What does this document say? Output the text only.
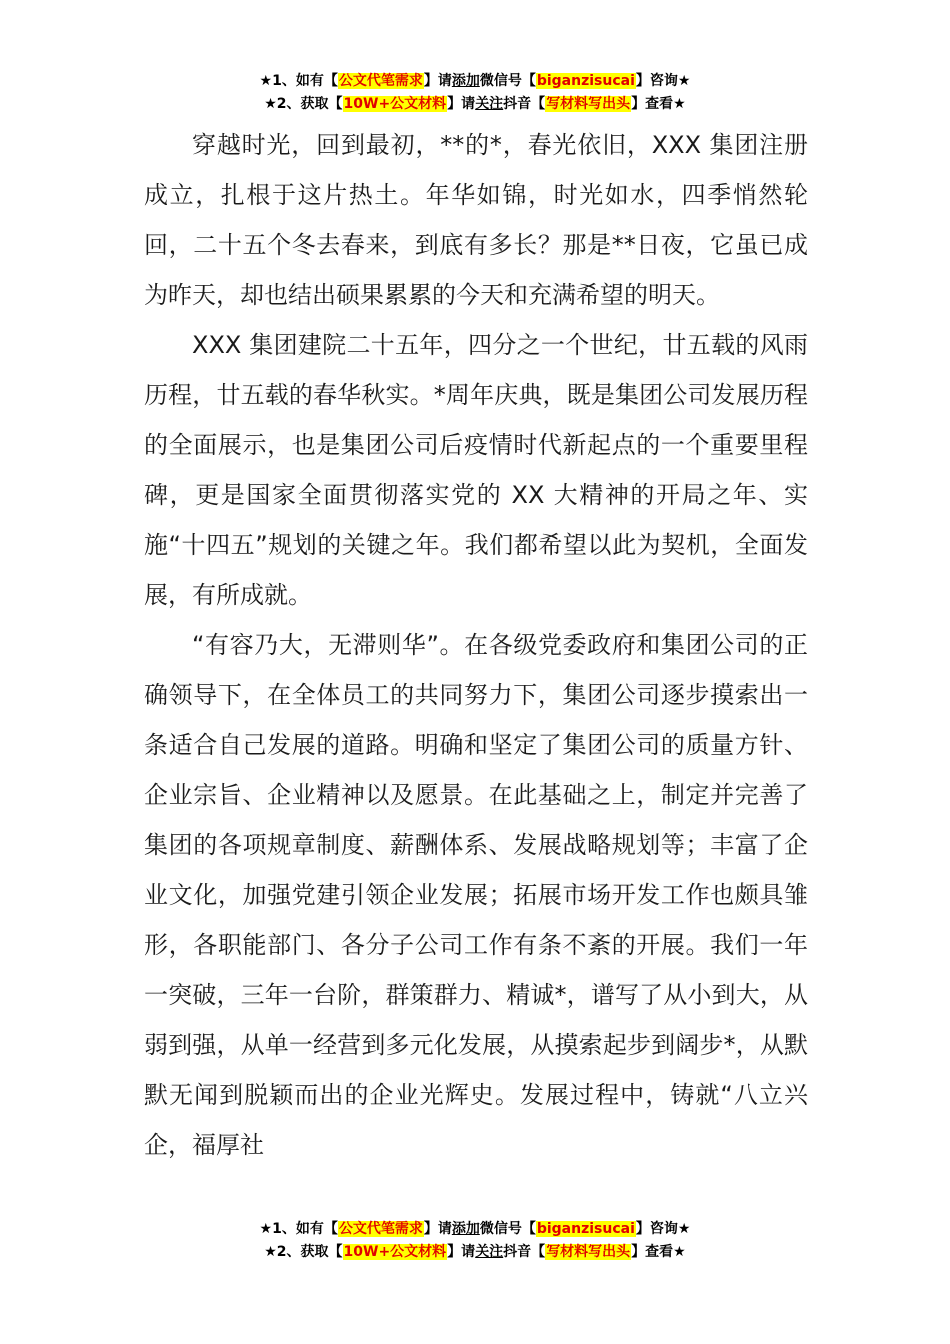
★1、如有【公文代笔需求】请添加微信号【biganzisucai】咨询★
★2、获取【10W+公文材料】请关注抖音【写材料写出头】查看★

穿越时光，回到最初，**的*，春光依旧，XXX 集团注册成立，扎根于这片热土。年华如锦，时光如水，四季悄然轮回，二十五个冬去春来，到底有多长？那是**日夜，它虽已成为昨天，却也结出硕果累累的今天和充满希望的明天。

XXX 集团建院二十五年，四分之一个世纪，廿五载的风雨历程，廿五载的春华秋实。*周年庆典，既是集团公司发展历程的全面展示，也是集团公司后疫情时代新起点的一个重要里程碑，更是国家全面贯彻落实党的 XX 大精神的开局之年、实施“十四五”规划的关键之年。我们都希望以此为契机，全面发展，有所成就。

“有容乃大，无滞则华”。在各级党委政府和集团公司的正确领导下，在全体员工的共同努力下，集团公司逐步摸索出一条适合自己发展的道路。明确和坚定了集团公司的质量方针、企业宗旨、企业精神以及愿景。在此基础之上，制定并完善了集团的各项规章制度、薪酬体系、发展战略规划等；丰富了企业文化，加强党建引领企业发展；拓展市场开发工作也颇具雏形，各职能部门、各分子公司工作有条不紊的开展。我们一年一突破，三年一台阶，群策群力、精诚*，谱写了从小到大，从弱到强，从单一经营到多元化发展，从摸索起步到阔步*，从默默无闻到脱颖而出的企业光辉史。发展过程中，铸就“八立兴企，福厚社

★1、如有【公文代笔需求】请添加微信号【biganzisucai】咨询★
★2、获取【10W+公文材料】请关注抖音【写材料写出头】查看★
